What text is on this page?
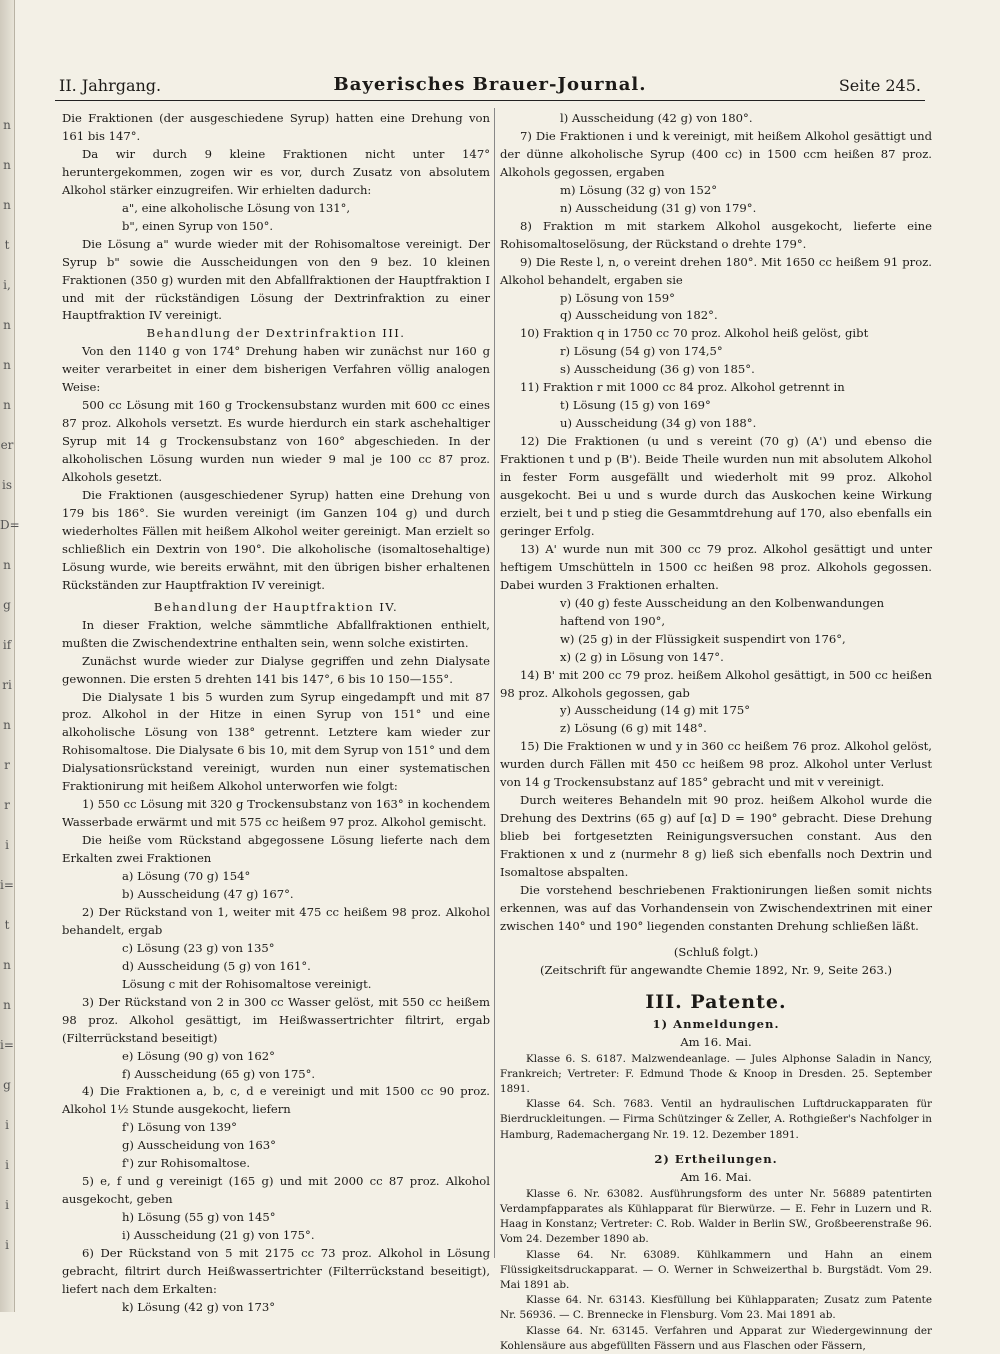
n
n
n
t
i,
n
n
n
er
is
D=
n
g
if
ri
n
r
r
i
i=
t
n
n
i=
g
i
i
i
i
II. Jahrgang.	Bayerisches Brauer-Journal.	Seite 245.

Die Fraktionen (der ausgeschiedene Syrup) hatten eine Drehung von 161 bis 147°.

Da wir durch 9 kleine Fraktionen nicht unter 147° heruntergekommen, zogen wir es vor, durch Zusatz von absolutem Alkohol stärker einzugreifen. Wir erhielten dadurch:

a", eine alkoholische Lösung von 131°,

b", einen Syrup von 150°.

Die Lösung a" wurde wieder mit der Rohisomaltose vereinigt. Der Syrup b" sowie die Ausscheidungen von den 9 bez. 10 kleinen Fraktionen (350 g) wurden mit den Abfallfraktionen der Hauptfraktion I und mit der rückständigen Lösung der Dextrinfraktion zu einer Hauptfraktion IV vereinigt.

Behandlung der Dextrinfraktion III.

Von den 1140 g von 174° Drehung haben wir zunächst nur 160 g weiter verarbeitet in einer dem bisherigen Verfahren völlig analogen Weise:

500 cc Lösung mit 160 g Trockensubstanz wurden mit 600 cc eines 87 proz. Alkohols versetzt. Es wurde hierdurch ein stark aschehaltiger Syrup mit 14 g Trockensubstanz von 160° abgeschieden. In der alkoholischen Lösung wurden nun wieder 9 mal je 100 cc 87 proz. Alkohols gesetzt.

Die Fraktionen (ausgeschiedener Syrup) hatten eine Drehung von 179 bis 186°. Sie wurden vereinigt (im Ganzen 104 g) und durch wiederholtes Fällen mit heißem Alkohol weiter gereinigt. Man erzielt so schließlich ein Dextrin von 190°. Die alkoholische (isomaltosehaltige) Lösung wurde, wie bereits erwähnt, mit den übrigen bisher erhaltenen Rückständen zur Hauptfraktion IV vereinigt.

Behandlung der Hauptfraktion IV.

In dieser Fraktion, welche sämmtliche Abfallfraktionen enthielt, mußten die Zwischendextrine enthalten sein, wenn solche existirten.

Zunächst wurde wieder zur Dialyse gegriffen und zehn Dialysate gewonnen. Die ersten 5 drehten 141 bis 147°, 6 bis 10 150—155°.

Die Dialysate 1 bis 5 wurden zum Syrup eingedampft und mit 87 proz. Alkohol in der Hitze in einen Syrup von 151° und eine alkoholische Lösung von 138° getrennt. Letztere kam wieder zur Rohisomaltose. Die Dialysate 6 bis 10, mit dem Syrup von 151° und dem Dialysationsrückstand vereinigt, wurden nun einer systematischen Fraktionirung mit heißem Alkohol unterworfen wie folgt:

1) 550 cc Lösung mit 320 g Trockensubstanz von 163° in kochendem Wasserbade erwärmt und mit 575 cc heißem 97 proz. Alkohol gemischt.

Die heiße vom Rückstand abgegossene Lösung lieferte nach dem Erkalten zwei Fraktionen

a) Lösung (70 g) 154°

b) Ausscheidung (47 g) 167°.

2) Der Rückstand von 1, weiter mit 475 cc heißem 98 proz. Alkohol behandelt, ergab

c) Lösung (23 g) von 135°

d) Ausscheidung (5 g) von 161°.

Lösung c mit der Rohisomaltose vereinigt.

3) Der Rückstand von 2 in 300 cc Wasser gelöst, mit 550 cc heißem 98 proz. Alkohol gesättigt, im Heißwassertrichter filtrirt, ergab (Filterrückstand beseitigt)

e) Lösung (90 g) von 162°

f) Ausscheidung (65 g) von 175°.

4) Die Fraktionen a, b, c, d e vereinigt und mit 1500 cc 90 proz. Alkohol 1½ Stunde ausgekocht, liefern

f') Lösung von 139°

g) Ausscheidung von 163°

f') zur Rohisomaltose.

5) e, f und g vereinigt (165 g) und mit 2000 cc 87 proz. Alkohol ausgekocht, geben

h) Lösung (55 g) von 145°

i) Ausscheidung (21 g) von 175°.

6) Der Rückstand von 5 mit 2175 cc 73 proz. Alkohol in Lösung gebracht, filtrirt durch Heißwassertrichter (Filterrückstand beseitigt), liefert nach dem Erkalten:

k) Lösung (42 g) von 173°

l) Ausscheidung (42 g) von 180°.

7) Die Fraktionen i und k vereinigt, mit heißem Alkohol gesättigt und der dünne alkoholische Syrup (400 cc) in 1500 ccm heißen 87 proz. Alkohols gegossen, ergaben

m) Lösung (32 g) von 152°

n) Ausscheidung (31 g) von 179°.

8) Fraktion m mit starkem Alkohol ausgekocht, lieferte eine Rohisomaltoselösung, der Rückstand o drehte 179°.

9) Die Reste l, n, o vereint drehen 180°. Mit 1650 cc heißem 91 proz. Alkohol behandelt, ergaben sie

p) Lösung von 159°

q) Ausscheidung von 182°.

10) Fraktion q in 1750 cc 70 proz. Alkohol heiß gelöst, gibt

r) Lösung (54 g) von 174,5°

s) Ausscheidung (36 g) von 185°.

11) Fraktion r mit 1000 cc 84 proz. Alkohol getrennt in

t) Lösung (15 g) von 169°

u) Ausscheidung (34 g) von 188°.

12) Die Fraktionen (u und s vereint (70 g) (A') und ebenso die Fraktionen t und p (B'). Beide Theile wurden nun mit absolutem Alkohol in fester Form ausgefällt und wiederholt mit 99 proz. Alkohol ausgekocht. Bei u und s wurde durch das Auskochen keine Wirkung erzielt, bei t und p stieg die Gesammtdrehung auf 170, also ebenfalls ein geringer Erfolg.

13) A' wurde nun mit 300 cc 79 proz. Alkohol gesättigt und unter heftigem Umschütteln in 1500 cc heißen 98 proz. Alkohols gegossen. Dabei wurden 3 Fraktionen erhalten.

v) (40 g) feste Ausscheidung an den Kolbenwandungen haftend von 190°,

w) (25 g) in der Flüssigkeit suspendirt von 176°,

x) (2 g) in Lösung von 147°.

14) B' mit 200 cc 79 proz. heißem Alkohol gesättigt, in 500 cc heißen 98 proz. Alkohols gegossen, gab

y) Ausscheidung (14 g) mit 175°

z) Lösung (6 g) mit 148°.

15) Die Fraktionen w und y in 360 cc heißem 76 proz. Alkohol gelöst, wurden durch Fällen mit 450 cc heißem 98 proz. Alkohol unter Verlust von 14 g Trockensubstanz auf 185° gebracht und mit v vereinigt.

Durch weiteres Behandeln mit 90 proz. heißem Alkohol wurde die Drehung des Dextrins (65 g) auf [α] D = 190° gebracht. Diese Drehung blieb bei fortgesetzten Reinigungsversuchen constant. Aus den Fraktionen x und z (nurmehr 8 g) ließ sich ebenfalls noch Dextrin und Isomaltose abspalten.

Die vorstehend beschriebenen Fraktionirungen ließen somit nichts erkennen, was auf das Vorhandensein von Zwischendextrinen mit einer zwischen 140° und 190° liegenden constanten Drehung schließen läßt.

(Schluß folgt.)

(Zeitschrift für angewandte Chemie 1892, Nr. 9, Seite 263.)

III. Patente.
1) Anmeldungen.
Am 16. Mai.

Klasse 6. S. 6187. Malzwendeanlage. — Jules Alphonse Saladin in Nancy, Frankreich; Vertreter: F. Edmund Thode & Knoop in Dresden. 25. September 1891.

Klasse 64. Sch. 7683. Ventil an hydraulischen Luftdruckapparaten für Bierdruckleitungen. — Firma Schützinger & Zeller, A. Rothgießer's Nachfolger in Hamburg, Rademachergang Nr. 19. 12. Dezember 1891.

2) Ertheilungen.
Am 16. Mai.

Klasse 6. Nr. 63082. Ausführungsform des unter Nr. 56889 patentirten Verdampfapparates als Kühlapparat für Bierwürze. — E. Fehr in Luzern und R. Haag in Konstanz; Vertreter: C. Rob. Walder in Berlin SW., Großbeerenstraße 96. Vom 24. Dezember 1890 ab.

Klasse 64. Nr. 63089. Kühlkammern und Hahn an einem Flüssigkeitsdruckapparat. — O. Werner in Schweizerthal b. Burgstädt. Vom 29. Mai 1891 ab.

Klasse 64. Nr. 63143. Kiesfüllung bei Kühlapparaten; Zusatz zum Patente Nr. 56936. — C. Brennecke in Flensburg. Vom 23. Mai 1891 ab.

Klasse 64. Nr. 63145. Verfahren und Apparat zur Wiedergewinnung der Kohlensäure aus abgefüllten Fässern und aus Flaschen oder Fässern,
